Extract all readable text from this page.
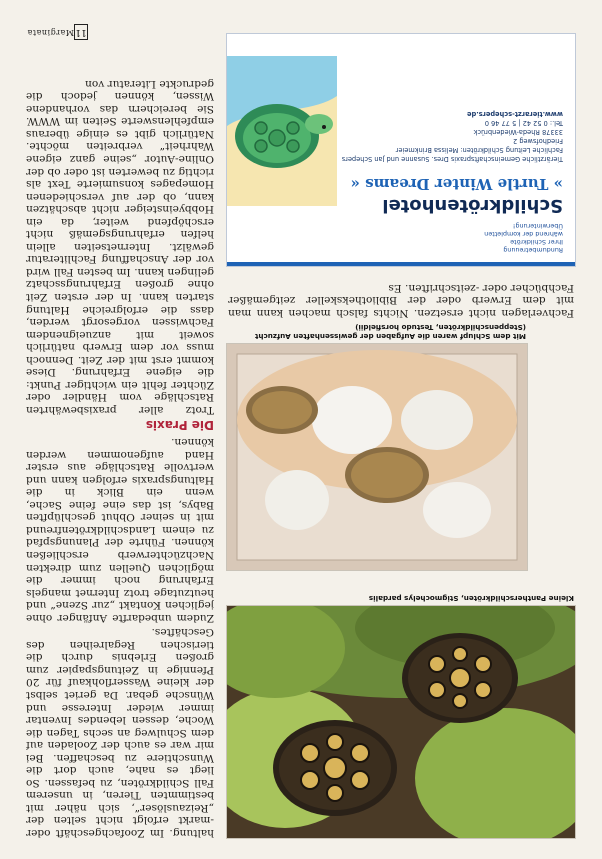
11
Marginata

haltung. Im Zoofachgeschäft oder -markt erfolgt nicht selten der „Reizauslöser“, sich näher mit bestimmten Tieren, in unserem Fall Schildkröten, zu befassen. So liegt es nahe, auch dort die Wunschtiere zu beschaffen. Bei mir war es auch der Zooladen auf dem Schulweg an sechs Tagen die Woche, dessen lebendes Inventar immer wieder Interesse und Wünsche gebar. Da geriet selbst der kleine Wasserflohkauf für 20 Pfennige in Zeitungspapier zum großen Erlebnis durch die tierischen Regalreihen des Geschäftes.

Zudem unbedarfte Anfänger ohne jeglichen Kontakt „zur Szene“ und heutzutage trotz Internet mangels Erfahrung noch immer die möglichen Quellen zum direkten Nachzüchterwerb erschließen können. Führte der Planungspfad zu einem Landschildkrötenfreund mit in seiner Obhut geschlüpften Babys, ist das eine feine Sache, wenn ein Blick in die Haltungspraxis erfolgen kann und wertvolle Ratschläge aus erster Hand aufgenommen werden können.

Die Praxis

Trotz aller praxisbewährten Ratschläge vom Händler oder Züchter fehlt ein wichtiger Punkt: die eigene Erfahrung. Diese kommt erst mit der Zeit. Dennoch muss vor dem Erwerb natürlich soweit mit anzueignendem Fachwissen vorgesorgt werden, dass die erfolgreiche Haltung starten kann. In der ersten Zeit ohne großen Erfahrungsschatz gelingen kann. Im besten Fall wird vor der Anschaffung Fachliteratur gewälzt. Internetseiten allein helfen erfahrungsgemäß nicht erschöpfend weiter, da ein Hobbyeinsteiger nicht abschätzen kann, ob der auf verschiedenen Homepages konsumierte Text als richtig zu bewerten ist oder ob der Online-Autor „seine ganz eigene Wahrheit“ verbreiten möchte. Natürlich gibt es einige überaus empfehlenswerte Seiten im WWW. Sie bereichern das vorhandene Wissen, können jedoch die gedruckte Literatur von

Kleine Pantherschildkröten, Stigmochelys pardalis
Mit dem Schlupf waren die Aufgaben der gewissenhaften Aufzucht (Steppenschildkröten, Testudo horsfieldii)

Fachverlagen nicht ersetzen. Nichts falsch machen kann man mit dem Erwerb oder der Bibliothekskeller zeitgemäßer Fachbücher oder -zeitschriften. Es

Rundumbetreuung
Ihrer Schildkröte
während der kompletten
Überwinterung!
Schildkrötenhotel
» Turtle Winter Dreams «
Tierärztliche Gemeinschaftspraxis Dres. Susanne und Jan Schepers
Fachliche Leitung Schildkröten: Melissa Brinkmeier
Friedhofsweg 2
33378 Rheda-Wiedenbrück
Tel.: 0 52 42 | 5 77 46 0
www.tierarzt-schepers.de
